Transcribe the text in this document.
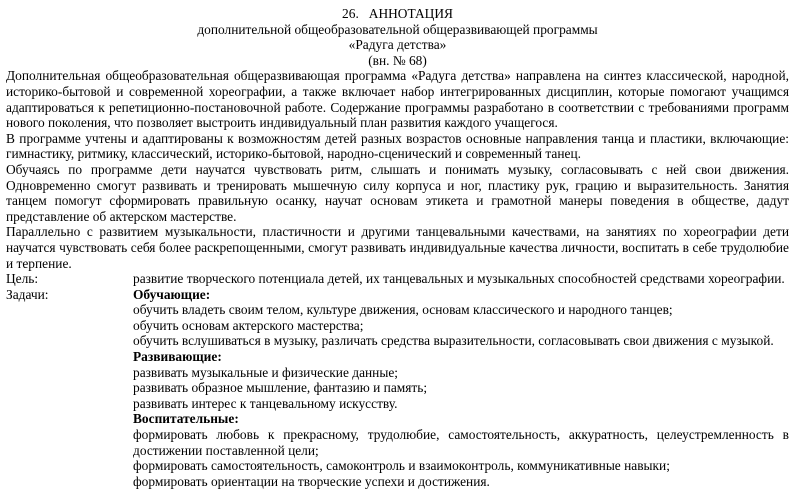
26. АННОТАЦИЯ
дополнительной общеобразовательной общеразвивающей программы
«Радуга детства»
(вн. № 68)

Дополнительная общеобразовательная общеразвивающая программа «Радуга детства» направлена на синтез классической, народной, историко-бытовой и современной хореографии, а также включает набор интегрированных дисциплин, которые помогают учащимся адаптироваться к репетиционно-постановочной работе. Содержание программы разработано в соответствии с требованиями программ нового поколения, что позволяет выстроить индивидуальный план развития каждого учащегося.

В программе учтены и адаптированы к возможностям детей разных возрастов основные направления танца и пластики, включающие: гимнастику, ритмику, классический, историко-бытовой, народно-сценический и современный танец.

Обучаясь по программе дети научатся чувствовать ритм, слышать и понимать музыку, согласовывать с ней свои движения. Одновременно смогут развивать и тренировать мышечную силу корпуса и ног, пластику рук, грацию и выразительность. Занятия танцем помогут сформировать правильную осанку, научат основам этикета и грамотной манеры поведения в обществе, дадут представление об актерском мастерстве.

Параллельно с развитием музыкальности, пластичности и другими танцевальными качествами, на занятиях по хореографии дети научатся чувствовать себя более раскрепощенными, смогут развивать индивидуальные качества личности, воспитать в себе трудолюбие и терпение.

Цель:	развитие творческого потенциала детей, их танцевальных и музыкальных способностей средствами хореографии.
Задачи:	Обучающие:
обучить владеть своим телом, культуре движения, основам классического и народного танцев;
обучить основам актерского мастерства;
обучить вслушиваться в музыку, различать средства выразительности, согласовывать свои движения с музыкой.
Развивающие:
развивать музыкальные и физические данные;
развивать образное мышление, фантазию и память;
развивать интерес к танцевальному искусству.
Воспитательные:
формировать любовь к прекрасному, трудолюбие, самостоятельность, аккуратность, целеустремленность в достижении поставленной цели;
формировать самостоятельность, самоконтроль и взаимоконтроль, коммуникативные навыки;
формировать ориентации на творческие успехи и достижения.
